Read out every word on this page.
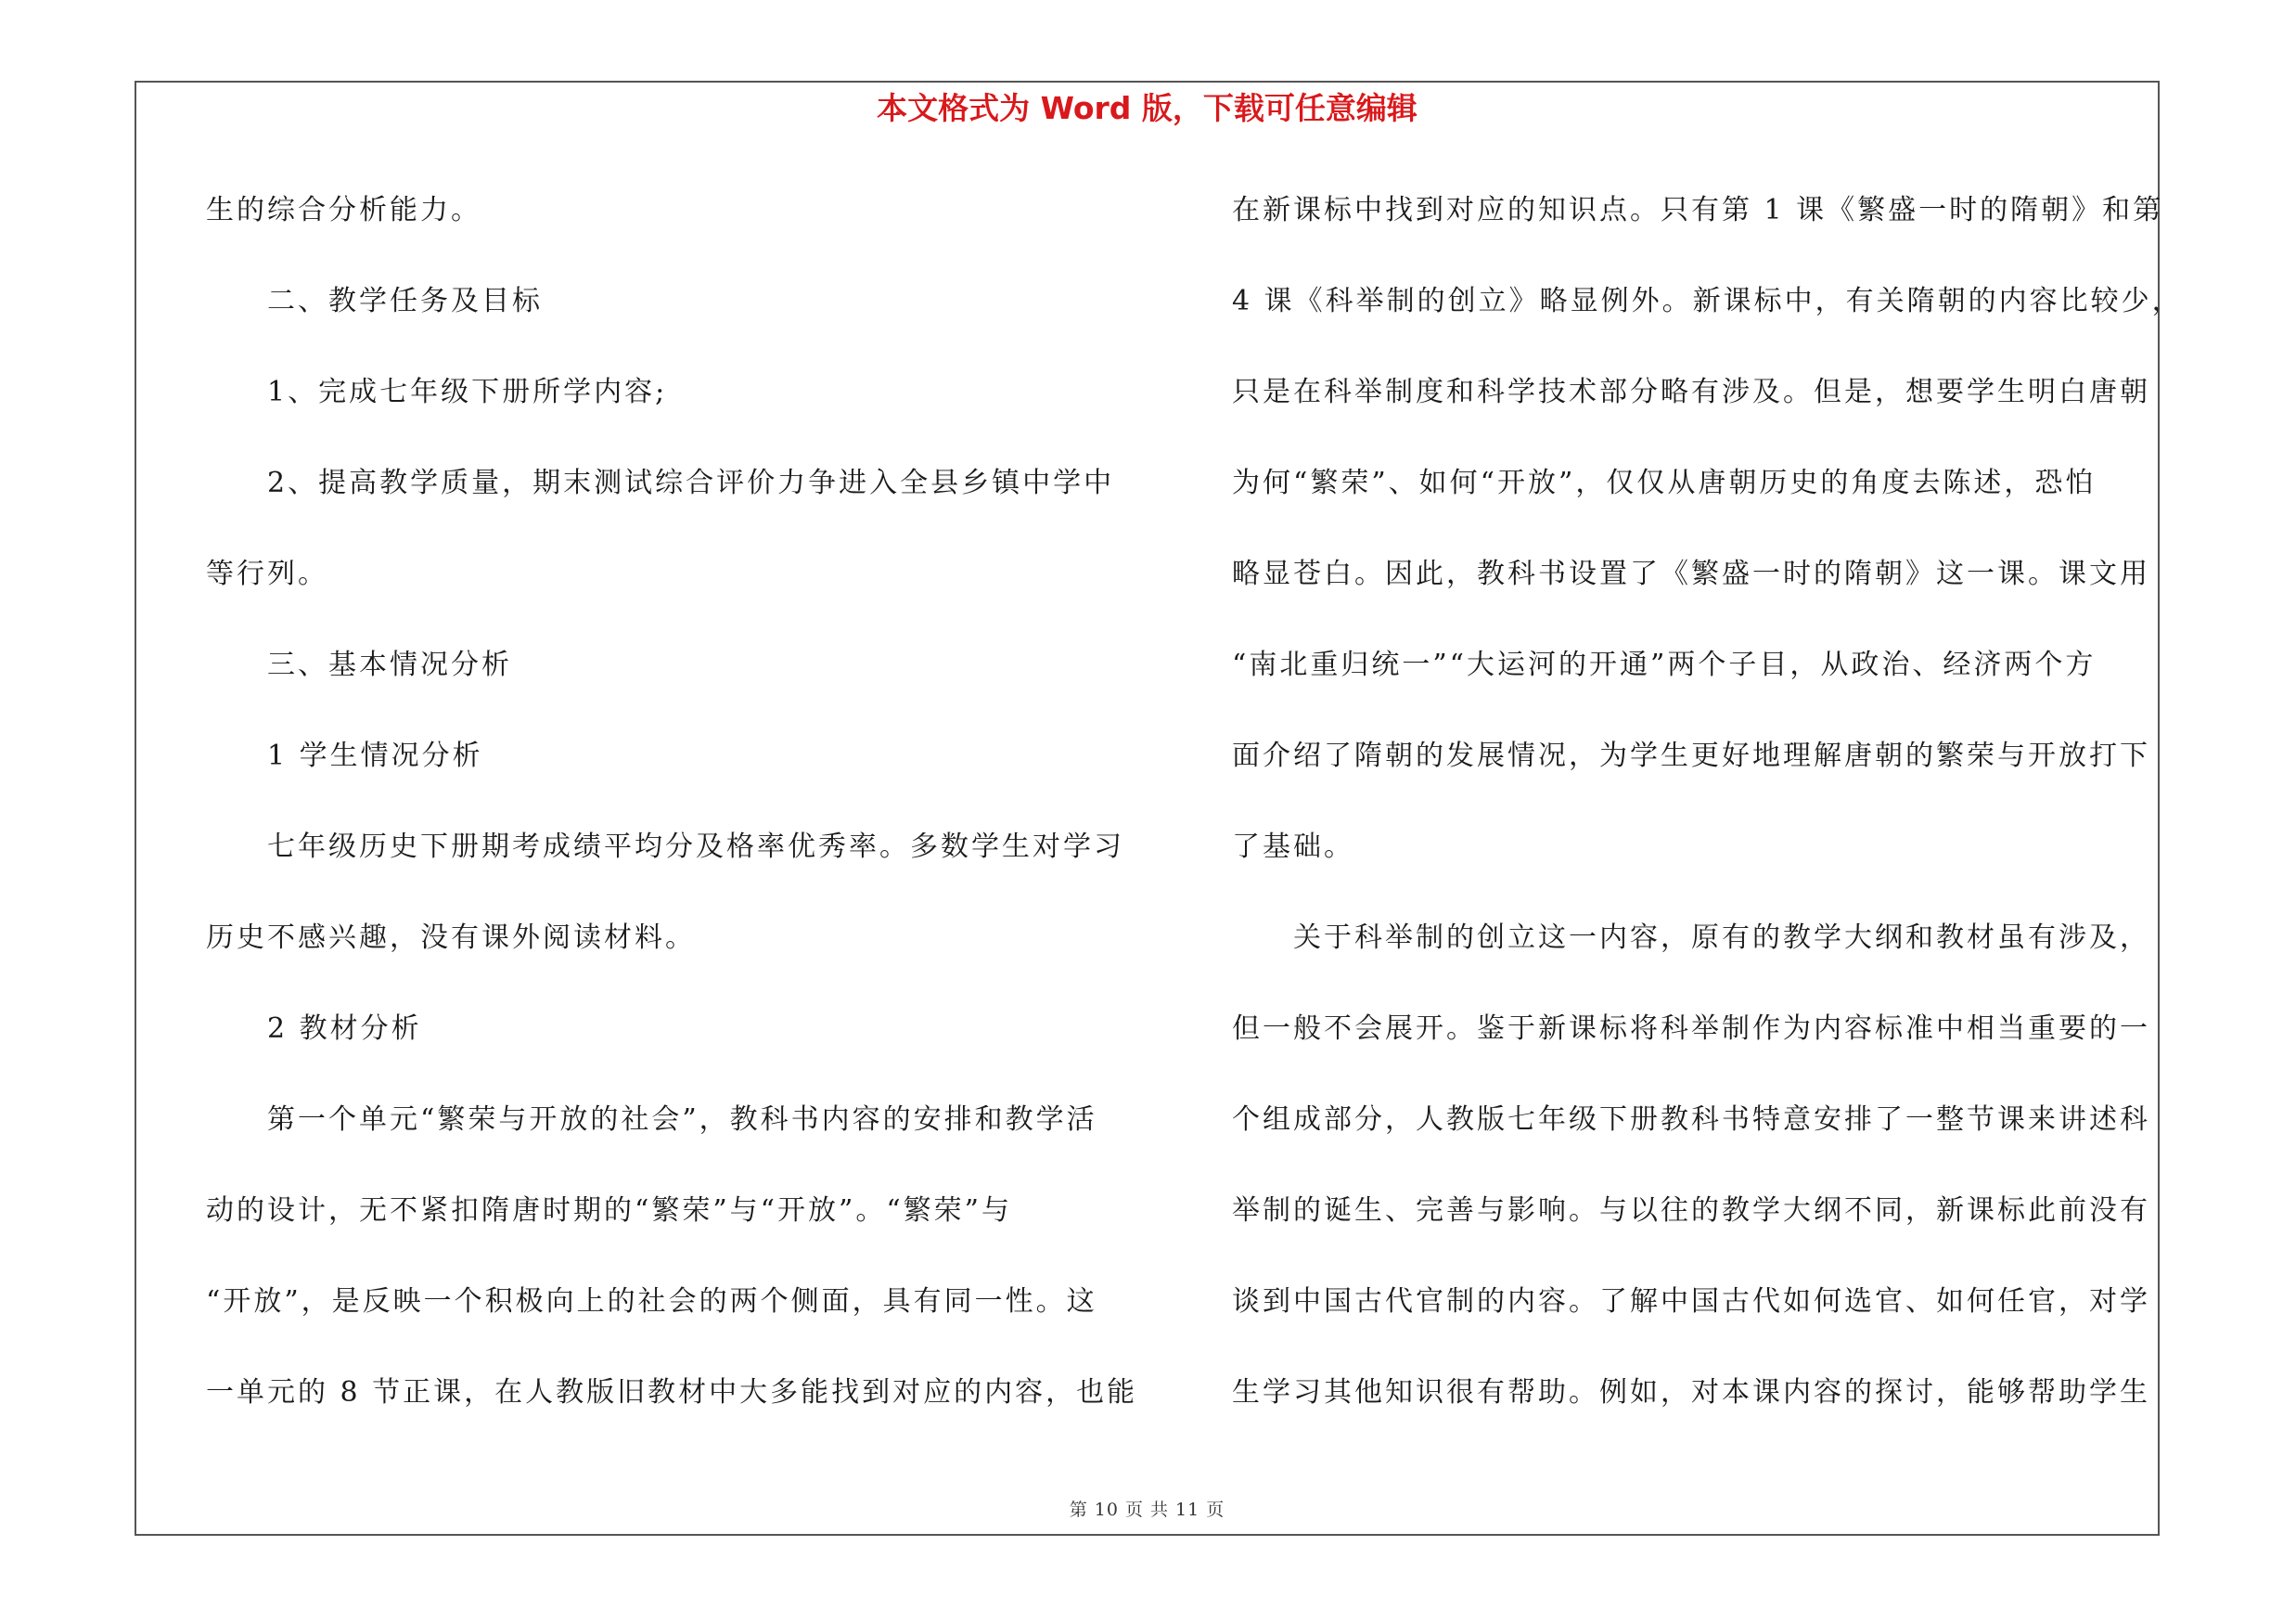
本文格式为 Word 版，下载可任意编辑
生的综合分析能力。
二、教学任务及目标
1、完成七年级下册所学内容;
2、提高教学质量，期末测试综合评价力争进入全县乡镇中学中
等行列。
三、基本情况分析
1 学生情况分析
七年级历史下册期考成绩平均分及格率优秀率。多数学生对学习
历史不感兴趣，没有课外阅读材料。
2 教材分析
第一个单元“繁荣与开放的社会”，教科书内容的安排和教学活
动的设计，无不紧扣隋唐时期的“繁荣”与“开放”。“繁荣”与
“开放”，是反映一个积极向上的社会的两个侧面，具有同一性。这
一单元的 8 节正课，在人教版旧教材中大多能找到对应的内容，也能
在新课标中找到对应的知识点。只有第 1 课《繁盛一时的隋朝》和第
4 课《科举制的创立》略显例外。新课标中，有关隋朝的内容比较少，
只是在科举制度和科学技术部分略有涉及。但是，想要学生明白唐朝
为何“繁荣”、如何“开放”，仅仅从唐朝历史的角度去陈述，恐怕
略显苍白。因此，教科书设置了《繁盛一时的隋朝》这一课。课文用
“南北重归统一”“大运河的开通”两个子目，从政治、经济两个方
面介绍了隋朝的发展情况，为学生更好地理解唐朝的繁荣与开放打下
了基础。
关于科举制的创立这一内容，原有的教学大纲和教材虽有涉及，
但一般不会展开。鉴于新课标将科举制作为内容标准中相当重要的一
个组成部分，人教版七年级下册教科书特意安排了一整节课来讲述科
举制的诞生、完善与影响。与以往的教学大纲不同，新课标此前没有
谈到中国古代官制的内容。了解中国古代如何选官、如何任官，对学
生学习其他知识很有帮助。例如，对本课内容的探讨，能够帮助学生
第 10 页 共 11 页
